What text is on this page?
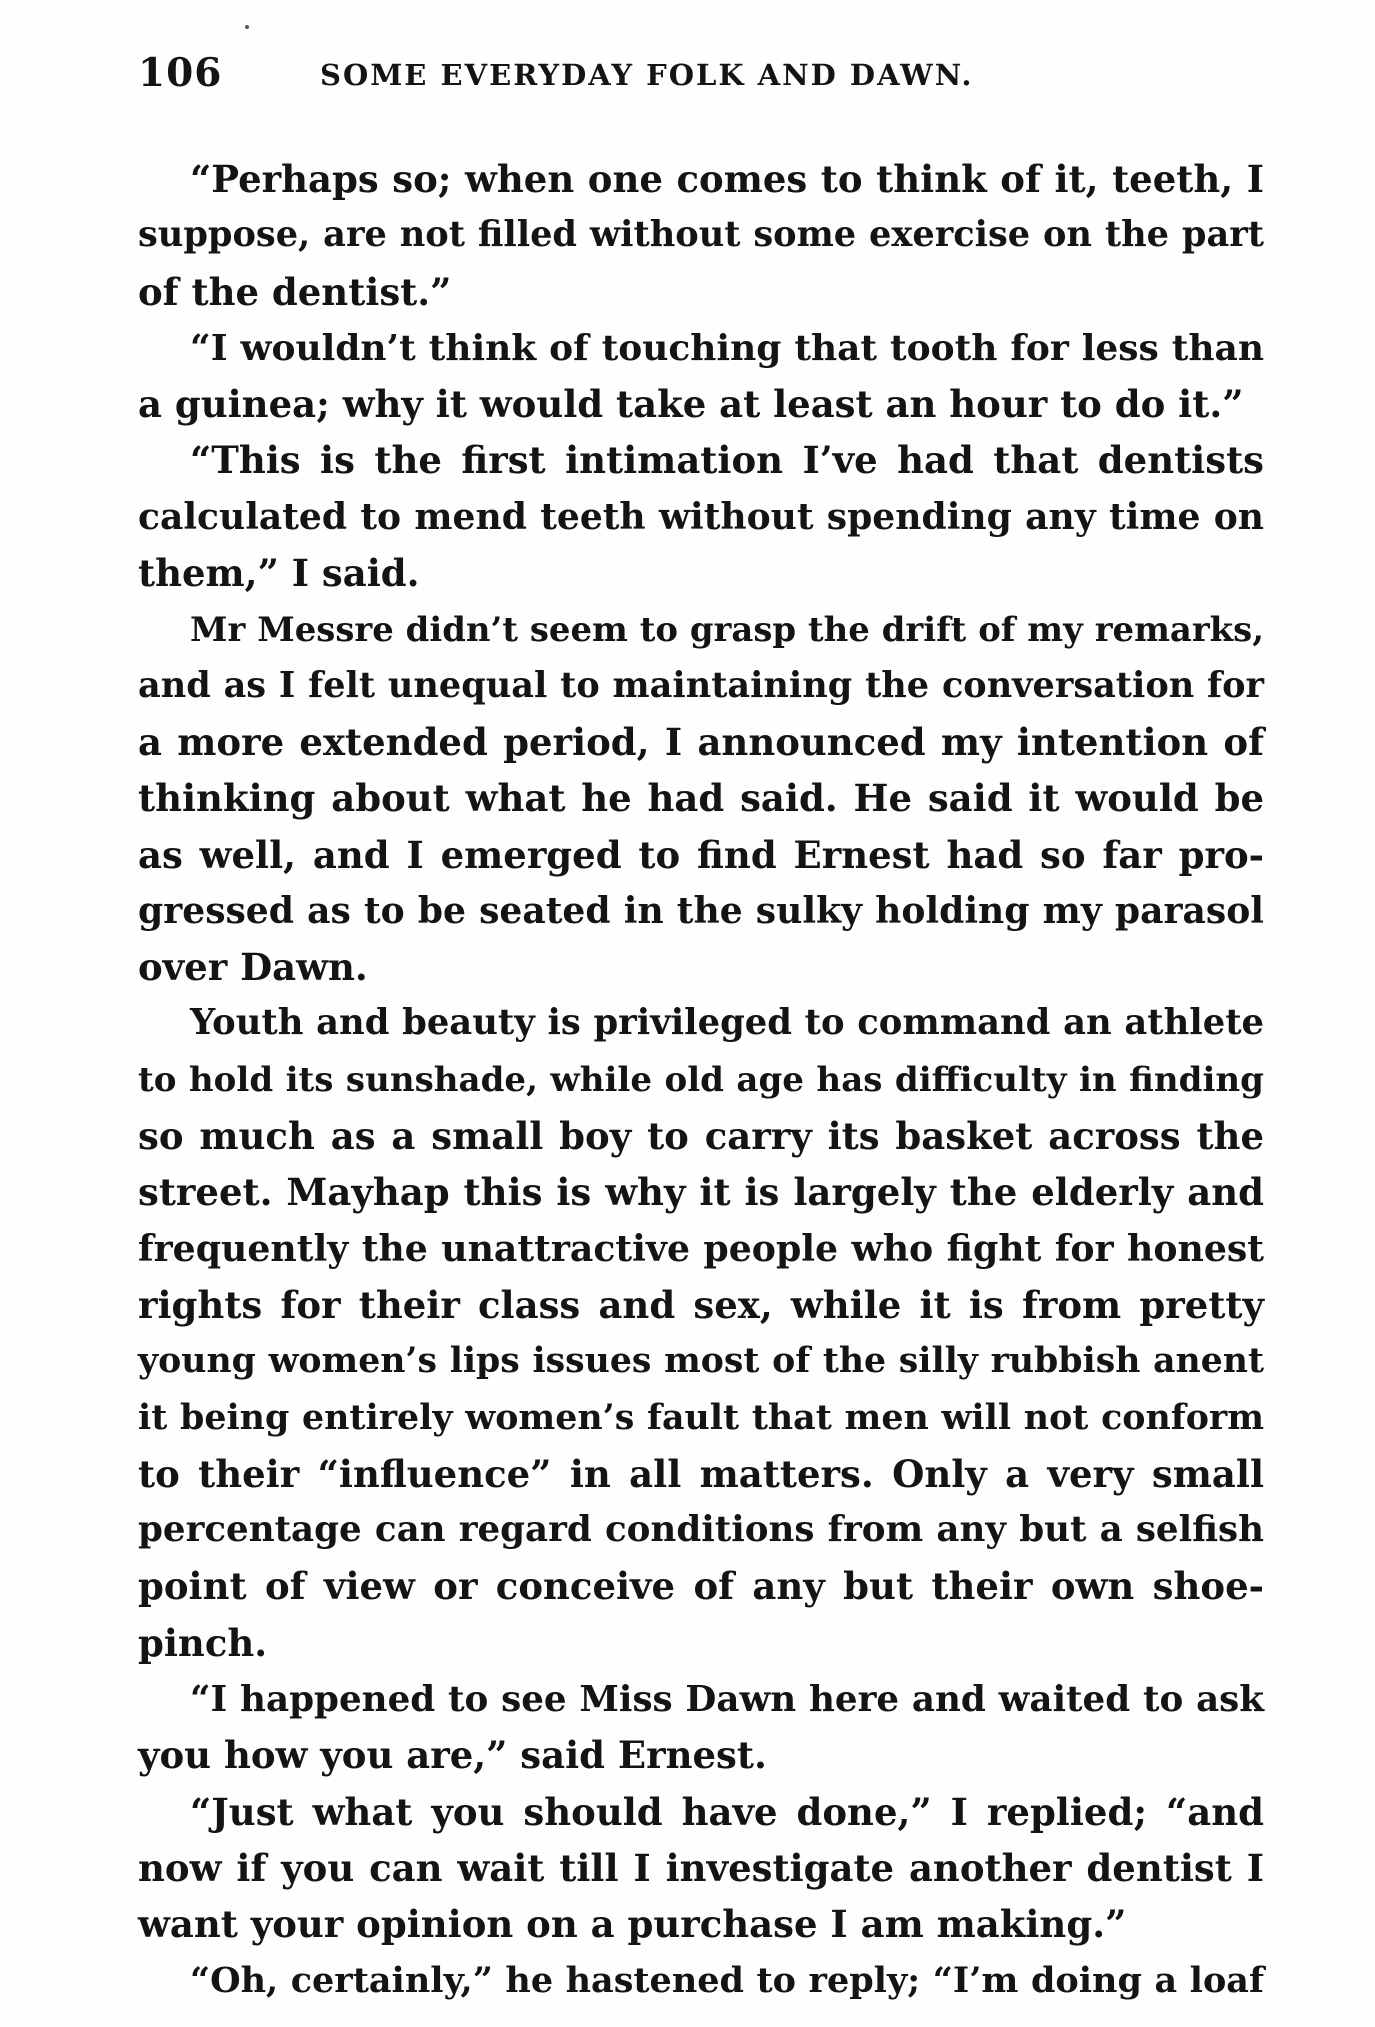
106	SOME EVERYDAY FOLK AND DAWN.

“Perhaps so; when one comes to think of it, teeth, I
suppose, are not filled without some exercise on the part
of the dentist.”

“I wouldn’t think of touching that tooth for less than
a guinea; why it would take at least an hour to do it.”

“This is the first intimation I’ve had that dentists
calculated to mend teeth without spending any time on
them,” I said.

Mr Messre didn’t seem to grasp the drift of my remarks,
and as I felt unequal to maintaining the conversation for
a more extended period, I announced my intention of
thinking about what he had said. He said it would be
as well, and I emerged to find Ernest had so far pro-
gressed as to be seated in the sulky holding my parasol
over Dawn.

Youth and beauty is privileged to command an athlete
to hold its sunshade, while old age has difficulty in finding
so much as a small boy to carry its basket across the
street. Mayhap this is why it is largely the elderly and
frequently the unattractive people who fight for honest
rights for their class and sex, while it is from pretty
young women’s lips issues most of the silly rubbish anent
it being entirely women’s fault that men will not conform
to their “influence” in all matters. Only a very small
percentage can regard conditions from any but a selfish
point of view or conceive of any but their own shoe-
pinch.

“I happened to see Miss Dawn here and waited to ask
you how you are,” said Ernest.

“Just what you should have done,” I replied; “and
now if you can wait till I investigate another dentist I
want your opinion on a purchase I am making.”

“Oh, certainly,” he hastened to reply; “I’m doing a loaf
